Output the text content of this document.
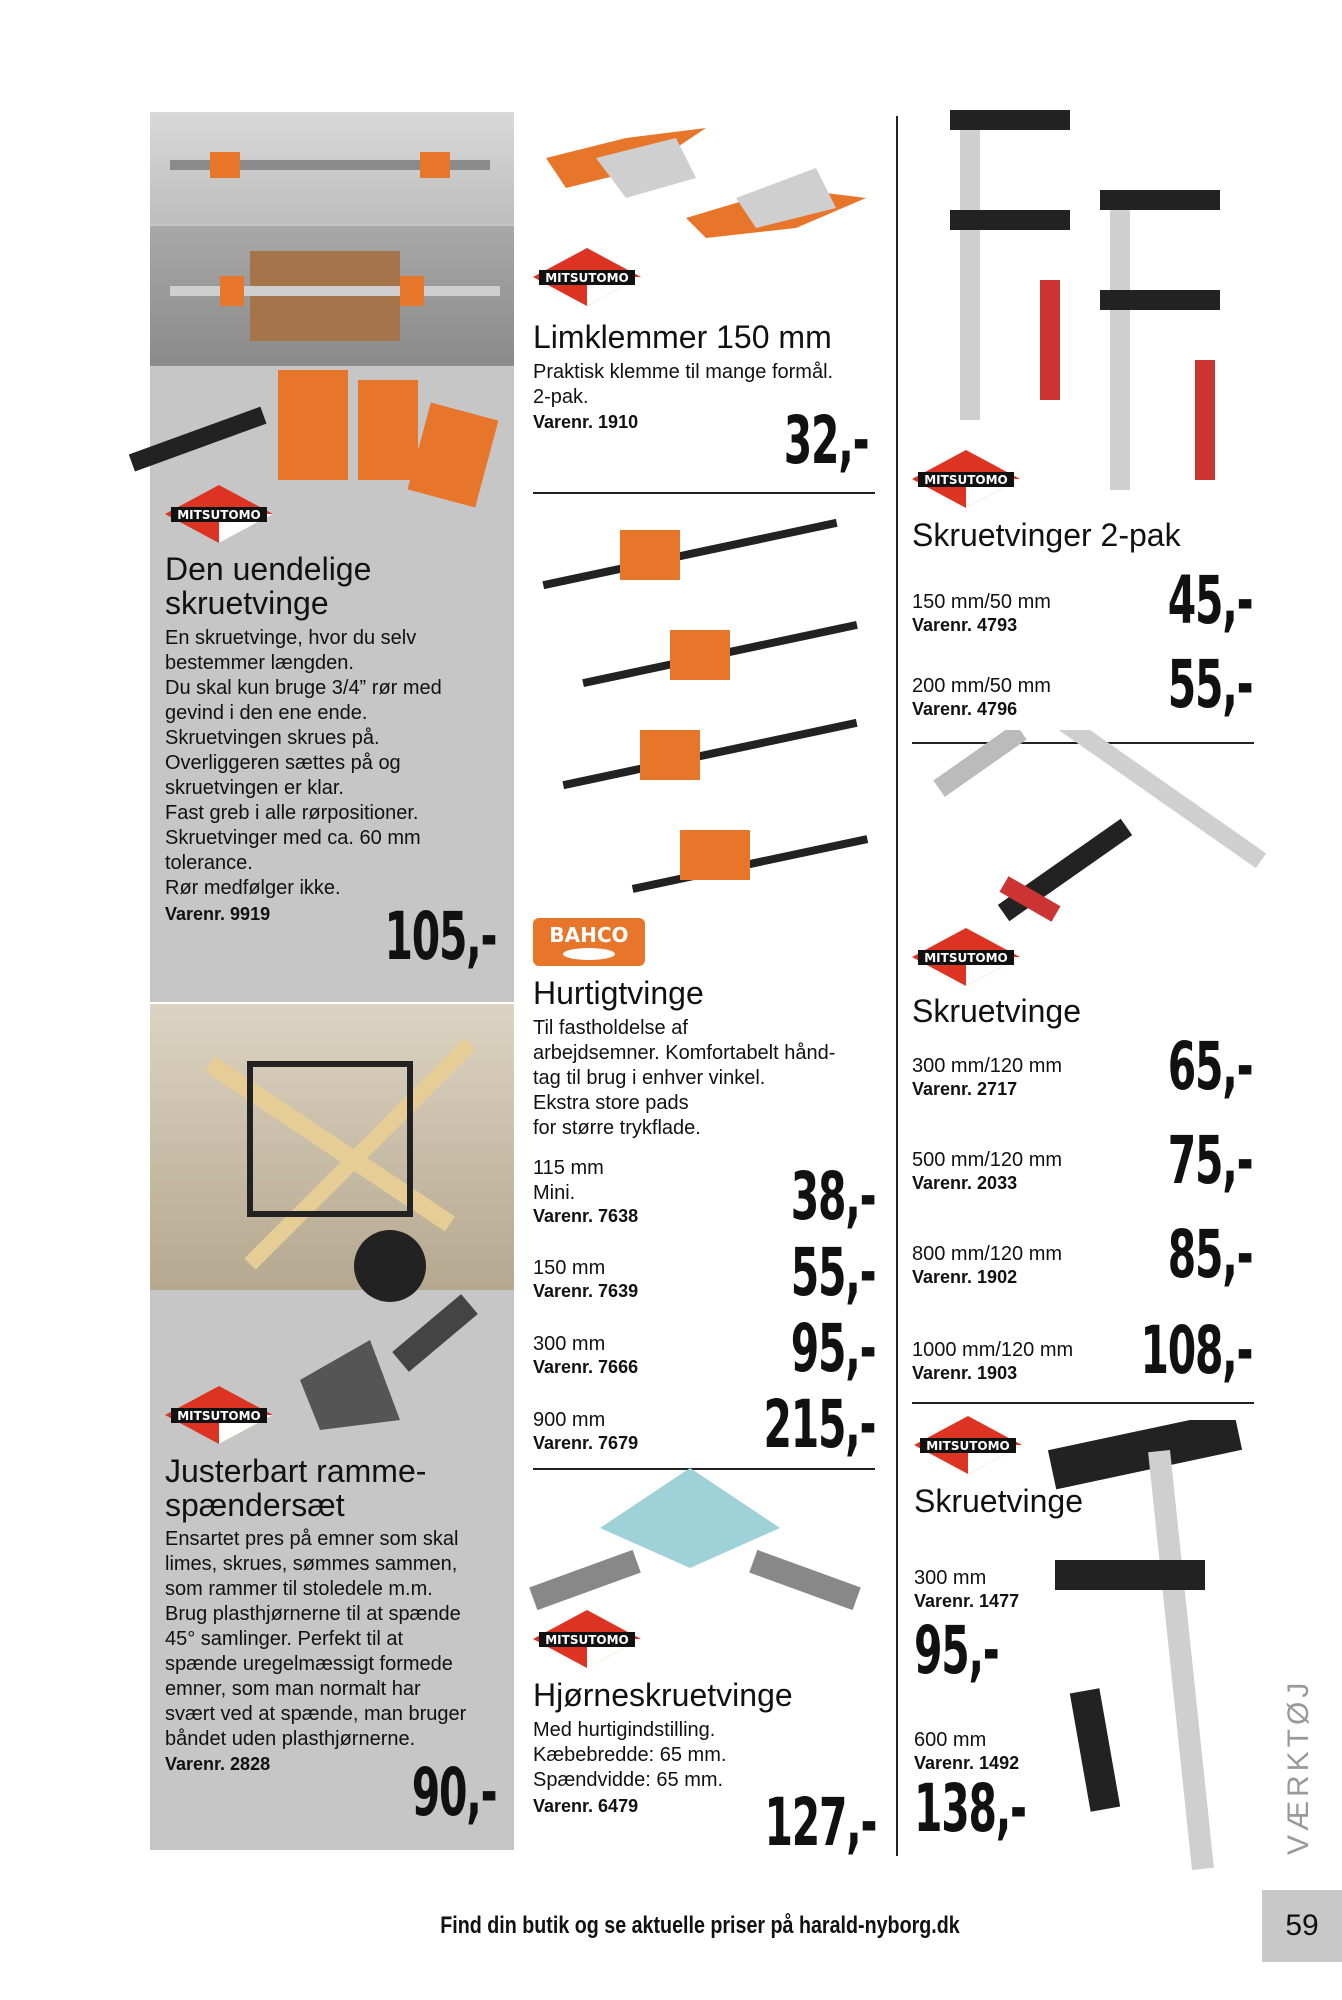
MITSUTOMO
Den uendelige
skruetvinge
En skruetvinge, hvor du selv
bestemmer længden.
Du skal kun bruge 3/4” rør med
gevind i den ene ende.
Skruetvingen skrues på.
Overliggeren sættes på og
skruetvingen er klar.
Fast greb i alle rørpositioner.
Skruetvinger med ca. 60 mm
tolerance.
Rør medfølger ikke.
Varenr. 9919 105,-
MITSUTOMO
Justerbart ramme-
spændersæt
Ensartet pres på emner som skal
limes, skrues, sømmes sammen,
som rammer til stoledele m.m.
Brug plasthjørnerne til at spænde
45° samlinger. Perfekt til at
spænde uregelmæssigt formede
emner, som man normalt har
svært ved at spænde, man bruger
båndet uden plasthjørnerne.
Varenr. 2828 90,-
MITSUTOMO
Limklemmer 150 mm
Praktisk klemme til mange formål.
2-pak.
Varenr. 1910 32,-
BAHCO
Hurtigtvinge
Til fastholdelse af
arbejdsemner. Komfortabelt hånd-
tag til brug i enhver vinkel.
Ekstra store pads
for større trykflade.
115 mm
Mini.
Varenr. 7638	38,-
150 mm
Varenr. 7639	55,-
300 mm
Varenr. 7666	95,-
900 mm
Varenr. 7679	215,-
MITSUTOMO
Hjørneskruetvinge
Med hurtigindstilling.
Kæbebredde: 65 mm.
Spændvidde: 65 mm.
Varenr. 6479 127,-
MITSUTOMO
Skruetvinger 2-pak
150 mm/50 mm
Varenr. 4793	45,-
200 mm/50 mm
Varenr. 4796	55,-
MITSUTOMO
Skruetvinge
300 mm/120 mm
Varenr. 2717	65,-
500 mm/120 mm
Varenr. 2033	75,-
800 mm/120 mm
Varenr. 1902	85,-
1000 mm/120 mm
Varenr. 1903	108,-
MITSUTOMO
Skruetvinge
300 mm
Varenr. 1477
95,-
600 mm
Varenr. 1492
138,-	VÆRKTØJ
59
Find din butik og se aktuelle priser på harald-nyborg.dk
